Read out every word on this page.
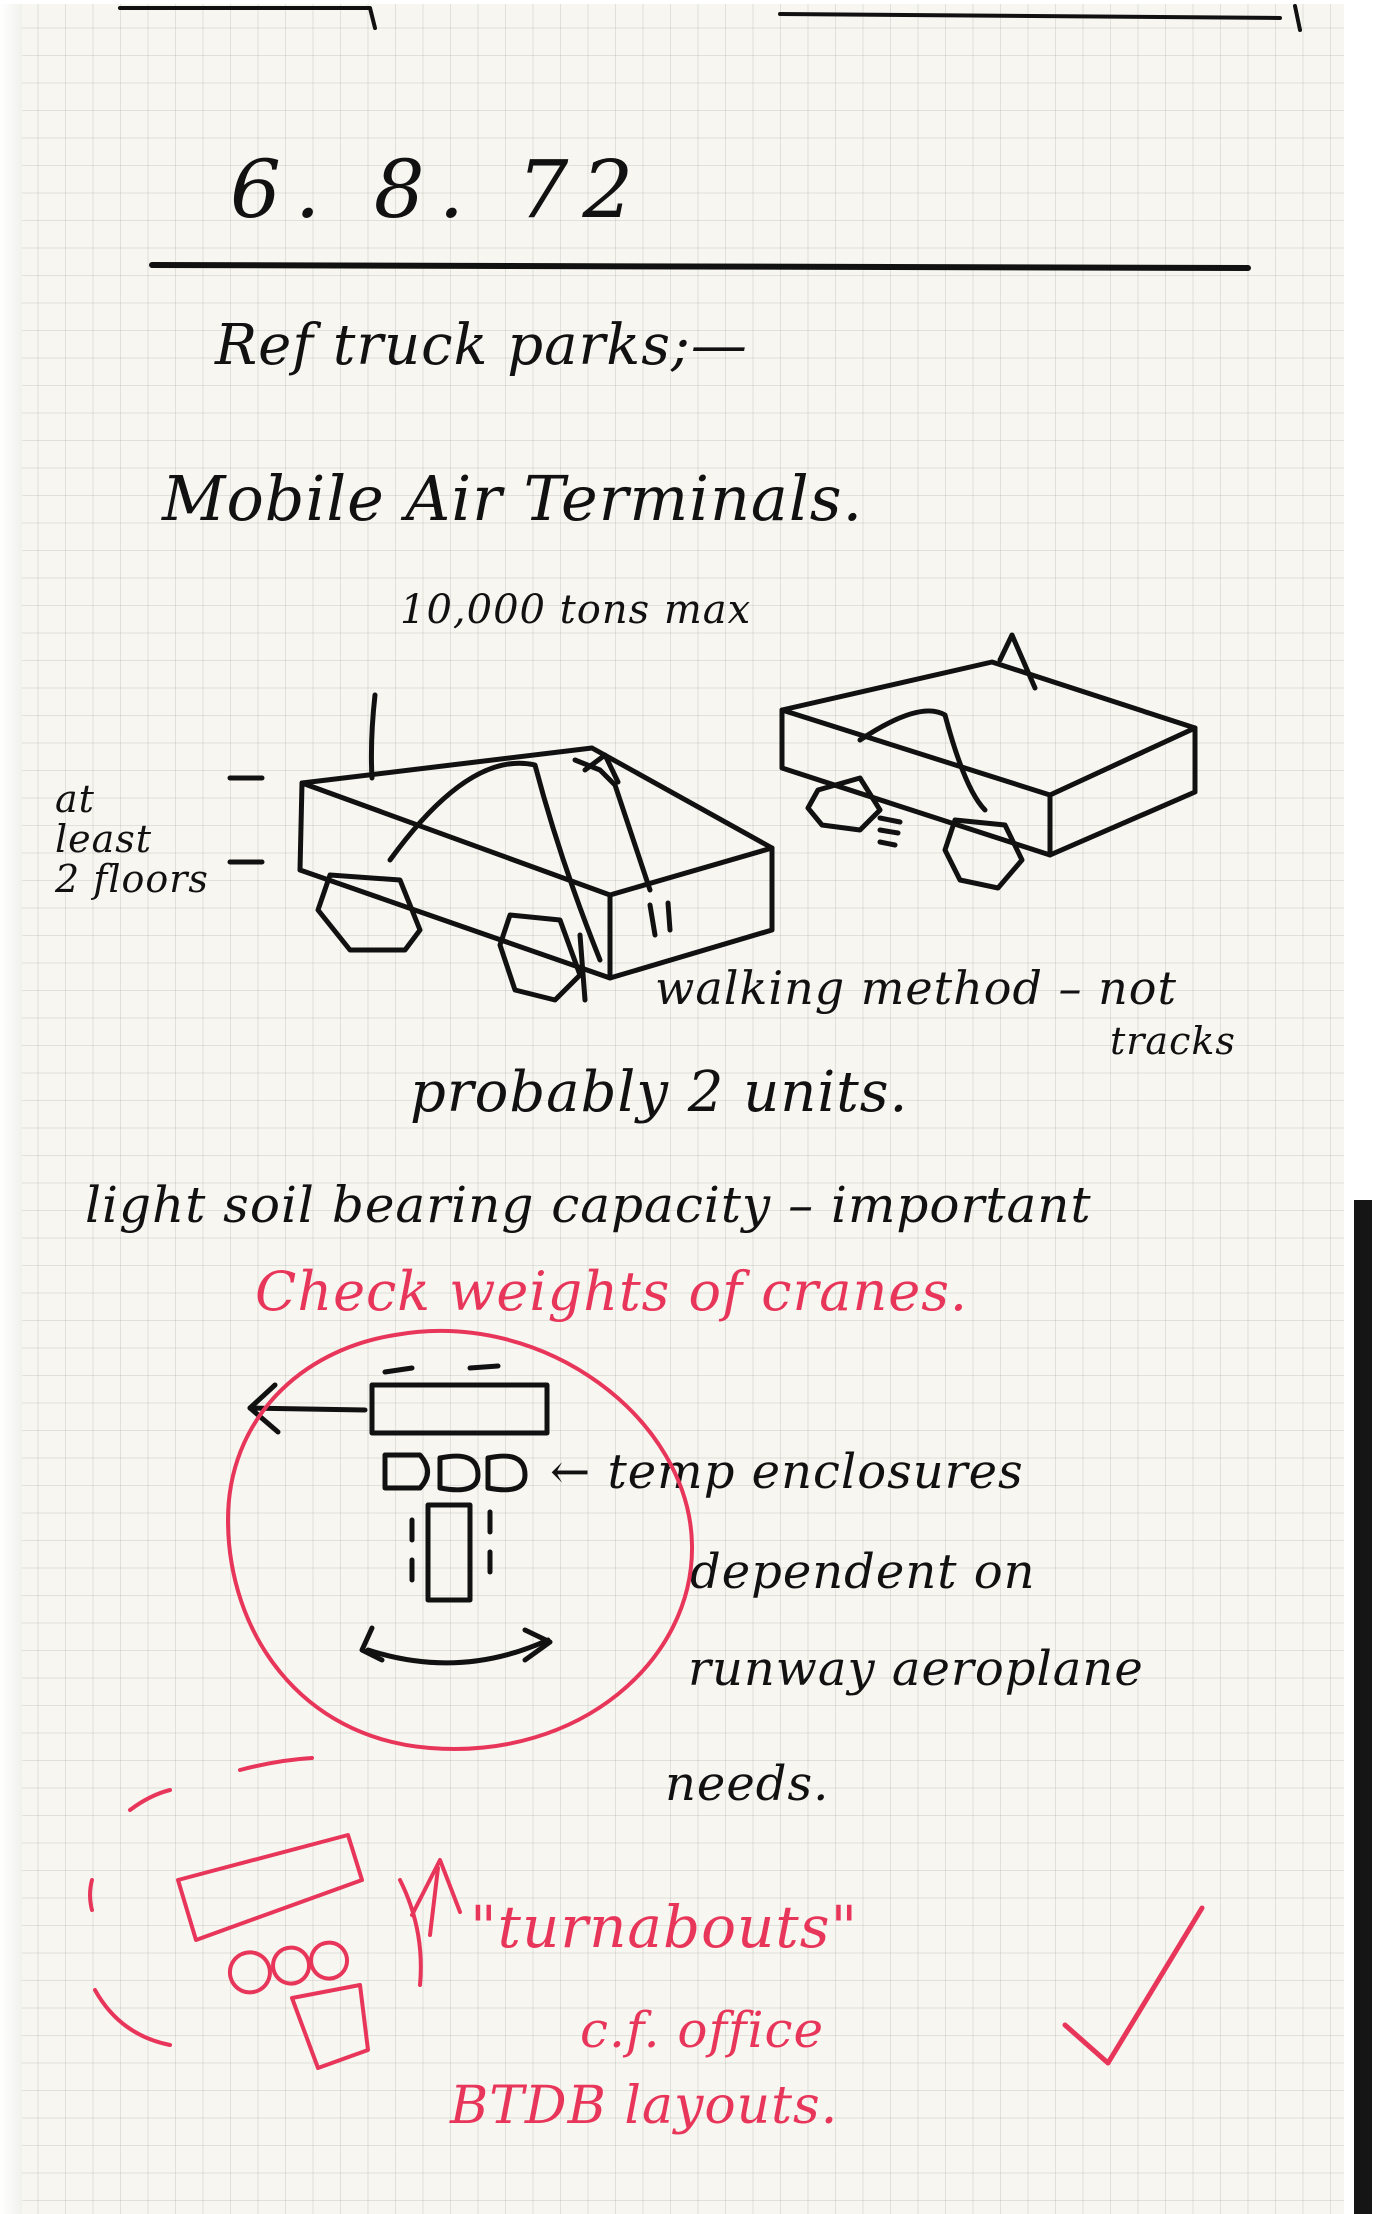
6. 8. 72

Ref truck parks;—

Mobile Air Terminals.

10,000 tons max

at
least
2 floors

walking method – not

tracks

probably 2 units.

light soil bearing capacity – important

Check weights of cranes.

← temp enclosures

dependent on

runway aeroplane

needs.

"turnabouts"

c.f. office

BTDB layouts.
